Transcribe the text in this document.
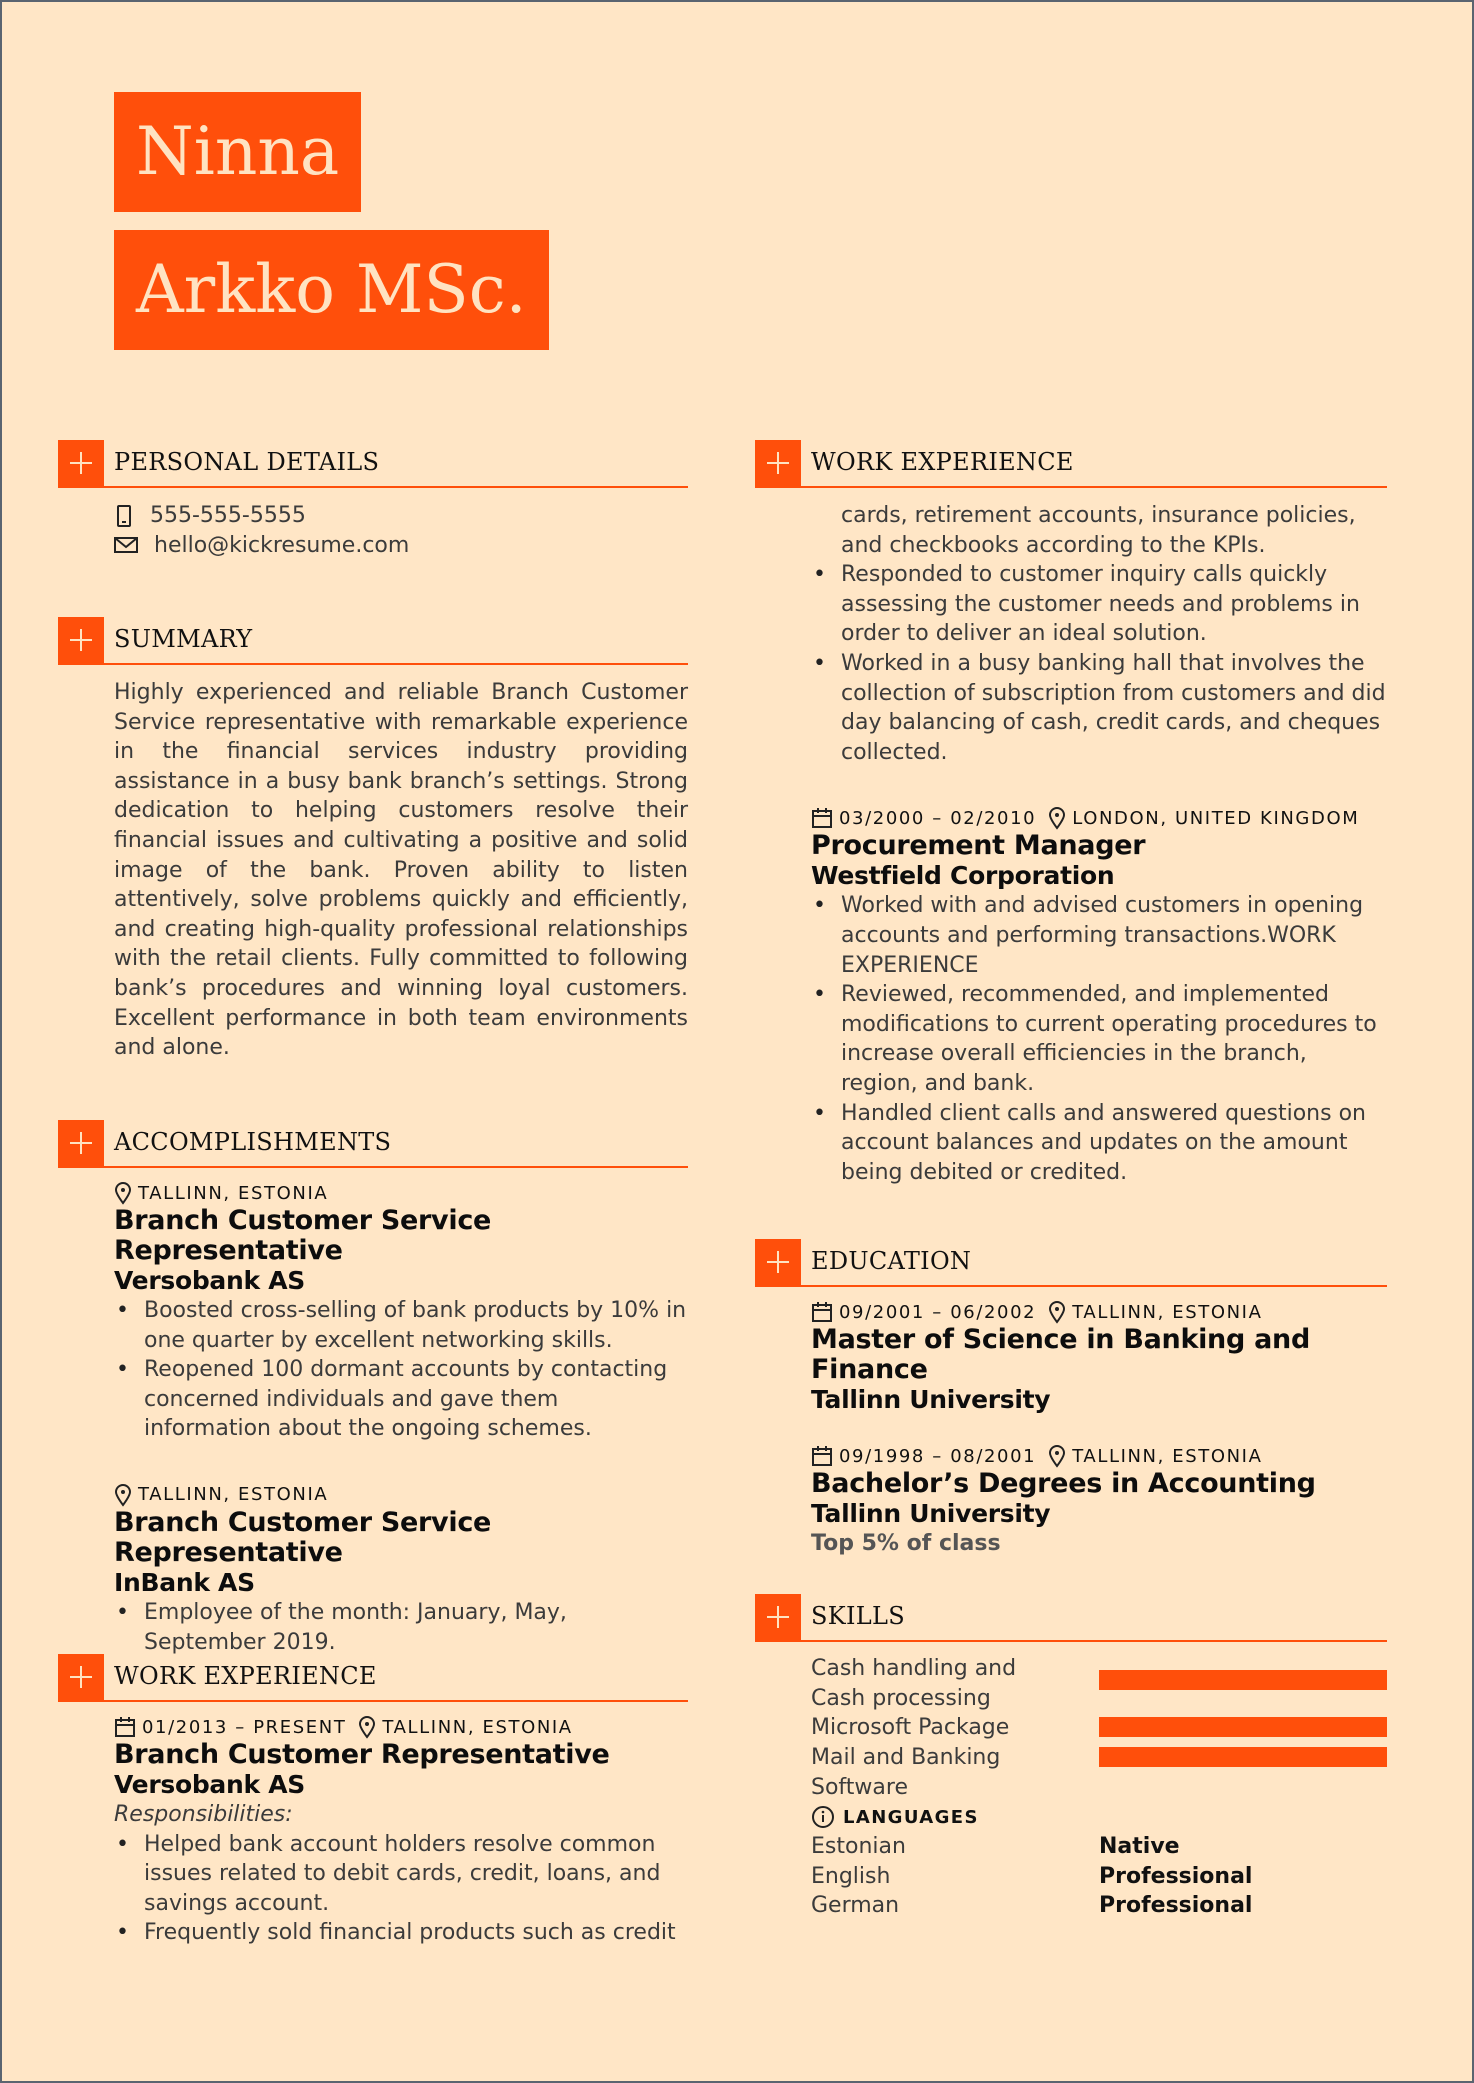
Ninna
Arkko MSc.
PERSONAL DETAILS
555-555-5555
hello@kickresume.com
SUMMARY
Highly experienced and reliable Branch Customer Service representative with remarkable experience in the financial services industry providing assistance in a busy bank branch’s settings. Strong dedication to helping customers resolve their financial issues and cultivating a positive and solid image of the bank. Proven ability to listen attentively, solve problems quickly and efficiently, and creating high-quality professional relationships with the retail clients. Fully committed to following bank’s procedures and winning loyal customers. Excellent performance in both team environments and alone.
ACCOMPLISHMENTS
TALLINN, ESTONIA
Branch Customer Service Representative
Versobank AS
• Boosted cross-selling of bank products by 10% in one quarter by excellent networking skills.
• Reopened 100 dormant accounts by contacting concerned individuals and gave them information about the ongoing schemes.
TALLINN, ESTONIA
Branch Customer Service Representative
InBank AS
• Employee of the month: January, May, September 2019.
WORK EXPERIENCE
01/2013 – PRESENT TALLINN, ESTONIA
Branch Customer Representative
Versobank AS
Responsibilities:
• Helped bank account holders resolve common issues related to debit cards, credit, loans, and savings account.
• Frequently sold financial products such as credit
WORK EXPERIENCE
cards, retirement accounts, insurance policies, and checkbooks according to the KPIs.
• Responded to customer inquiry calls quickly assessing the customer needs and problems in order to deliver an ideal solution.
• Worked in a busy banking hall that involves the collection of subscription from customers and did day balancing of cash, credit cards, and cheques collected.
03/2000 – 02/2010 LONDON, UNITED KINGDOM
Procurement Manager
Westfield Corporation
• Worked with and advised customers in opening accounts and performing transactions.WORK EXPERIENCE
• Reviewed, recommended, and implemented modifications to current operating procedures to increase overall efficiencies in the branch, region, and bank.
• Handled client calls and answered questions on account balances and updates on the amount being debited or credited.
EDUCATION
09/2001 – 06/2002 TALLINN, ESTONIA
Master of Science in Banking and Finance
Tallinn University
09/1998 – 08/2001 TALLINN, ESTONIA
Bachelor’s Degrees in Accounting
Tallinn University
Top 5% of class
SKILLS
Cash handling and Cash processing
Microsoft Package
Mail and Banking Software
LANGUAGES
Estonian	Native
English	Professional
German	Professional
